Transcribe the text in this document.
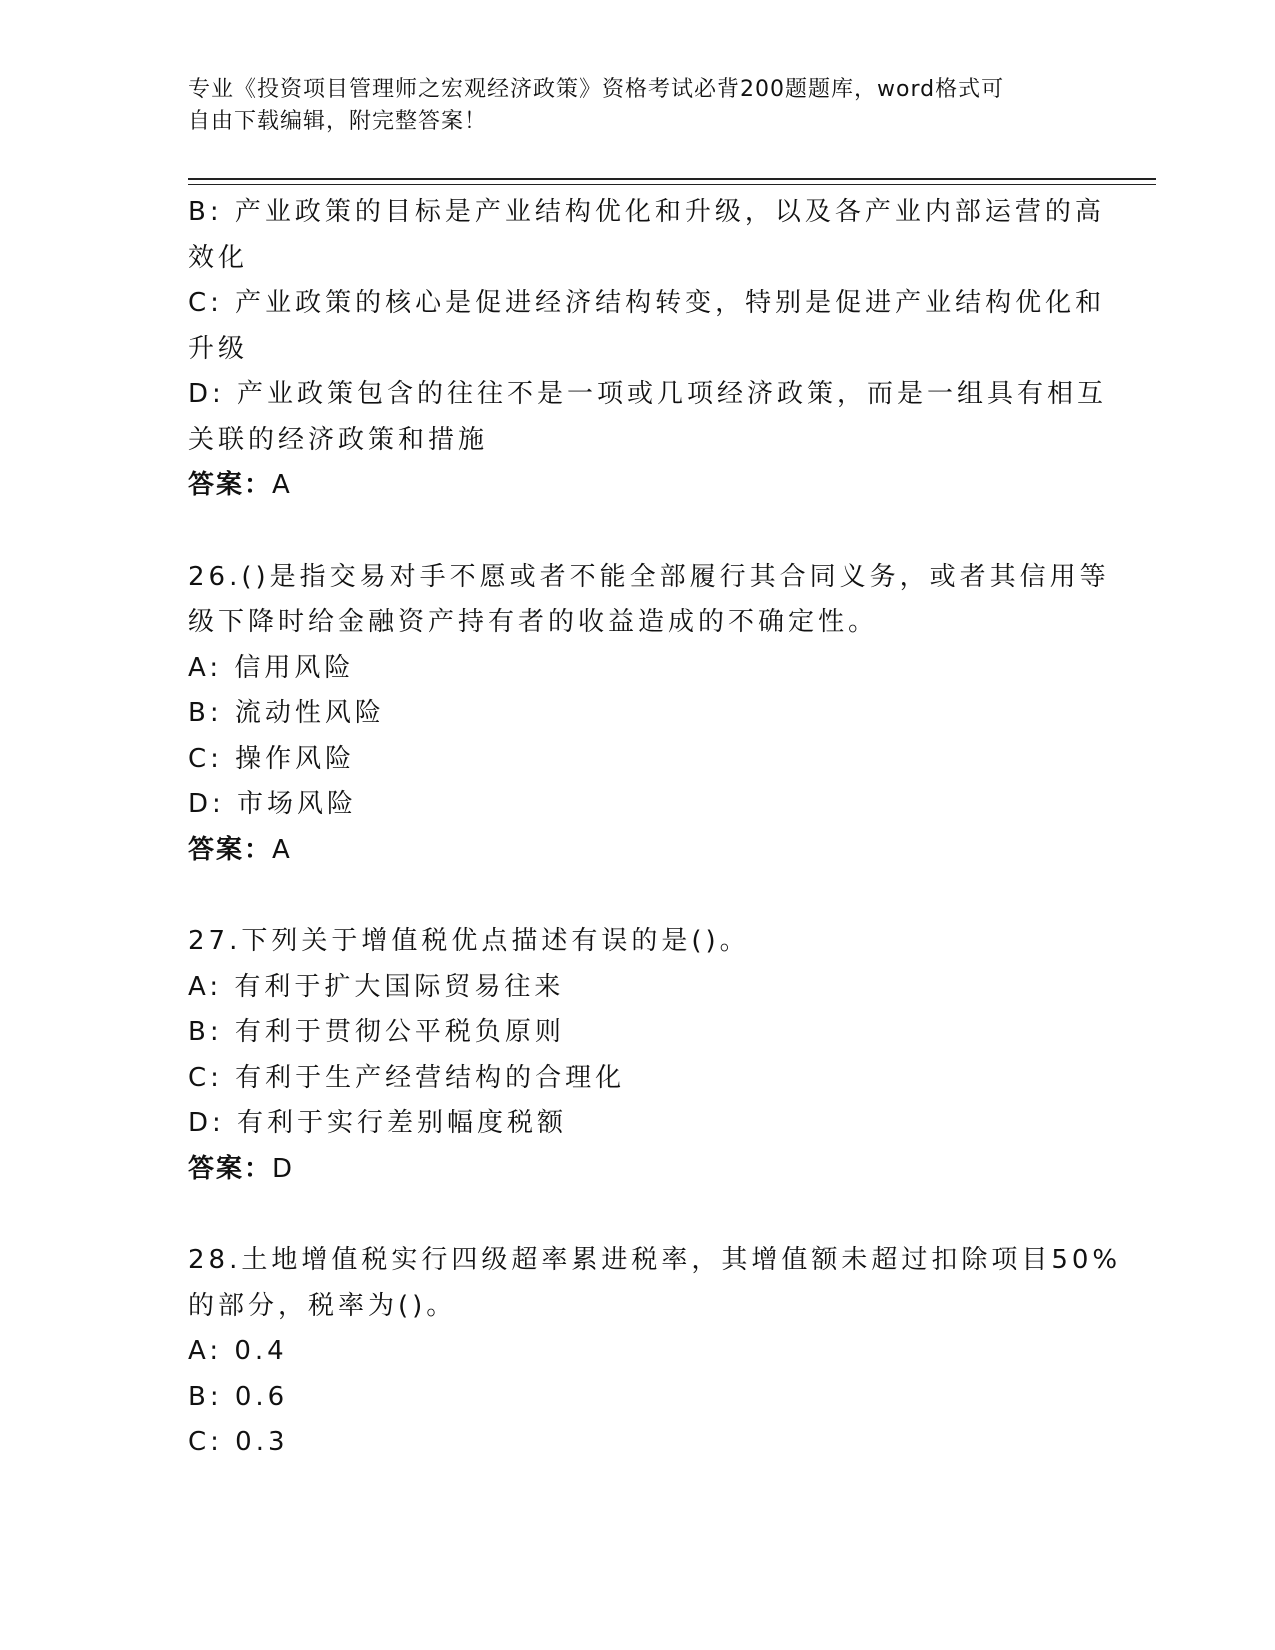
专业《投资项目管理师之宏观经济政策》资格考试必背200题题库，word格式可
自由下载编辑，附完整答案！
B: 产业政策的目标是产业结构优化和升级，以及各产业内部运营的高
效化
C: 产业政策的核心是促进经济结构转变，特别是促进产业结构优化和
升级
D: 产业政策包含的往往不是一项或几项经济政策，而是一组具有相互
关联的经济政策和措施
答案：A
26.()是指交易对手不愿或者不能全部履行其合同义务，或者其信用等
级下降时给金融资产持有者的收益造成的不确定性。
A: 信用风险
B: 流动性风险
C: 操作风险
D: 市场风险
答案：A
27.下列关于增值税优点描述有误的是()。
A: 有利于扩大国际贸易往来
B: 有利于贯彻公平税负原则
C: 有利于生产经营结构的合理化
D: 有利于实行差别幅度税额
答案：D
28.土地增值税实行四级超率累进税率，其增值额未超过扣除项目50%
的部分，税率为()。
A: 0.4
B: 0.6
C: 0.3
